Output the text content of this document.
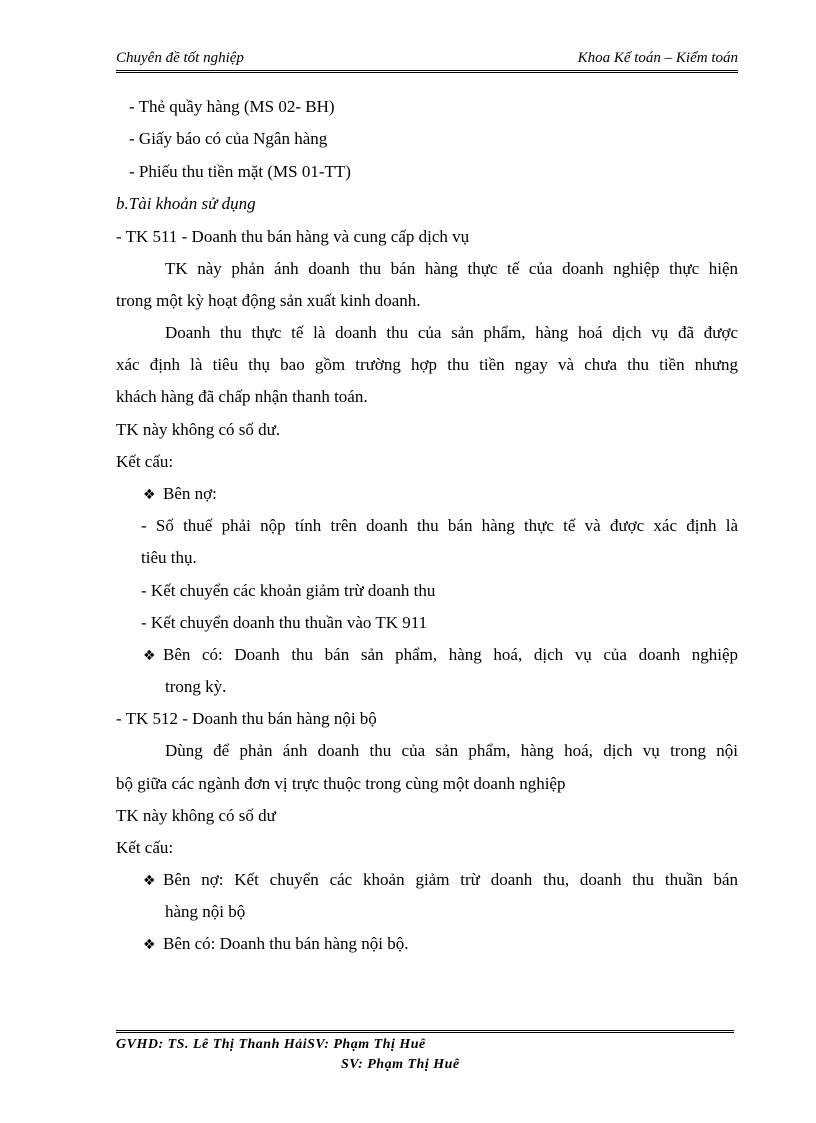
Chuyên đề tốt nghiệp	Khoa Kế toán – Kiểm toán
- Thẻ quầy hàng (MS 02- BH)
- Giấy báo có của Ngân hàng
- Phiếu thu tiền mặt (MS 01-TT)
b.Tài khoản sử dụng
- TK 511 - Doanh thu bán hàng và cung cấp dịch vụ
TK này phản ánh doanh thu bán hàng thực tế của doanh nghiệp thực hiện
trong một kỳ hoạt động sản xuất kinh doanh.
Doanh thu thực tế là doanh thu của sản phẩm, hàng hoá dịch vụ đã được
xác định là tiêu thụ bao gồm trường hợp thu tiền ngay và chưa thu tiền nhưng
khách hàng đã chấp nhận thanh toán.
TK này không có số dư.
Kết cấu:
❖ Bên nợ:
- Số thuế phải nộp tính trên doanh thu bán hàng thực tế và được xác định là
tiêu thụ.
- Kết chuyển các khoản giảm trừ doanh thu
- Kết chuyển doanh thu thuần vào TK 911
❖ Bên có: Doanh thu bán sản phẩm, hàng hoá, dịch vụ của doanh nghiệp
trong kỳ.
- TK 512 - Doanh thu bán hàng nội bộ
Dùng để phản ánh doanh thu của sản phẩm, hàng hoá, dịch vụ trong nội
bộ giữa các ngành đơn vị trực thuộc trong cùng một doanh nghiệp
TK này không có số dư
Kết cấu:
❖ Bên nợ: Kết chuyển các khoản giảm trừ doanh thu, doanh thu thuần bán
hàng nội bộ
❖ Bên có: Doanh thu bán hàng nội bộ.
GVHD: TS. Lê Thị Thanh HảiSV: Phạm Thị Huê
SV: Phạm Thị Huê
